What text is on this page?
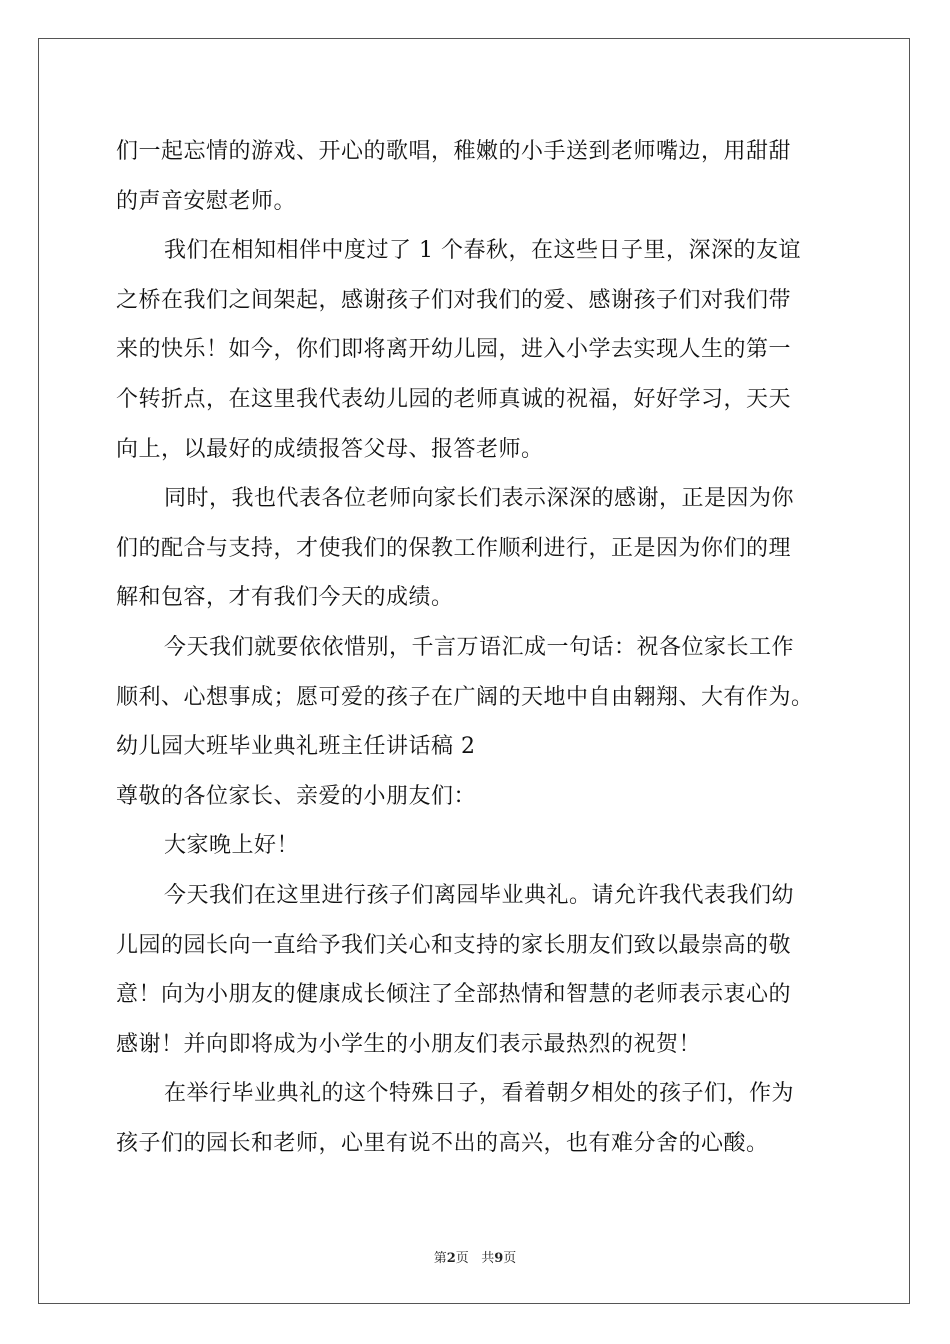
们一起忘情的游戏、开心的歌唱，稚嫩的小手送到老师嘴边，用甜甜
的声音安慰老师。
我们在相知相伴中度过了 1 个春秋，在这些日子里，深深的友谊
之桥在我们之间架起，感谢孩子们对我们的爱、感谢孩子们对我们带
来的快乐！如今，你们即将离开幼儿园，进入小学去实现人生的第一
个转折点，在这里我代表幼儿园的老师真诚的祝福，好好学习，天天
向上，以最好的成绩报答父母、报答老师。
同时，我也代表各位老师向家长们表示深深的感谢，正是因为你
们的配合与支持，才使我们的保教工作顺利进行，正是因为你们的理
解和包容，才有我们今天的成绩。
今天我们就要依依惜别，千言万语汇成一句话：祝各位家长工作
顺利、心想事成；愿可爱的孩子在广阔的天地中自由翱翔、大有作为。
幼儿园大班毕业典礼班主任讲话稿 2
尊敬的各位家长、亲爱的小朋友们：
大家晚上好！
今天我们在这里进行孩子们离园毕业典礼。请允许我代表我们幼
儿园的园长向一直给予我们关心和支持的家长朋友们致以最崇高的敬
意！向为小朋友的健康成长倾注了全部热情和智慧的老师表示衷心的
感谢！并向即将成为小学生的小朋友们表示最热烈的祝贺！
在举行毕业典礼的这个特殊日子，看着朝夕相处的孩子们，作为
孩子们的园长和老师，心里有说不出的高兴，也有难分舍的心酸。
第2页 共9页
